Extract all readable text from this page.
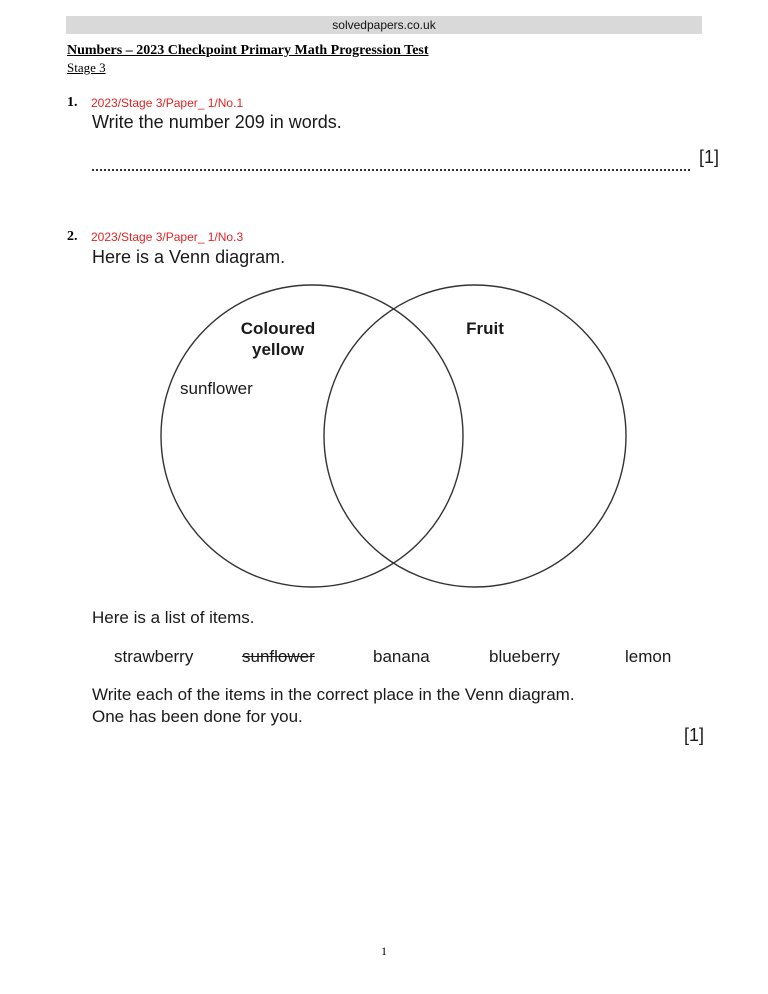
solvedpapers.co.uk
Numbers – 2023 Checkpoint Primary Math Progression Test
Stage 3
1. 2023/Stage 3/Paper_ 1/No.1
Write the number 209 in words.
[1]
2. 2023/Stage 3/Paper_ 1/No.3
Here is a Venn diagram.
Coloured
yellow
Fruit
sunflower
Here is a list of items.
strawberry	sunflower	banana	blueberry	lemon
Write each of the items in the correct place in the Venn diagram.
One has been done for you.
[1]
1
